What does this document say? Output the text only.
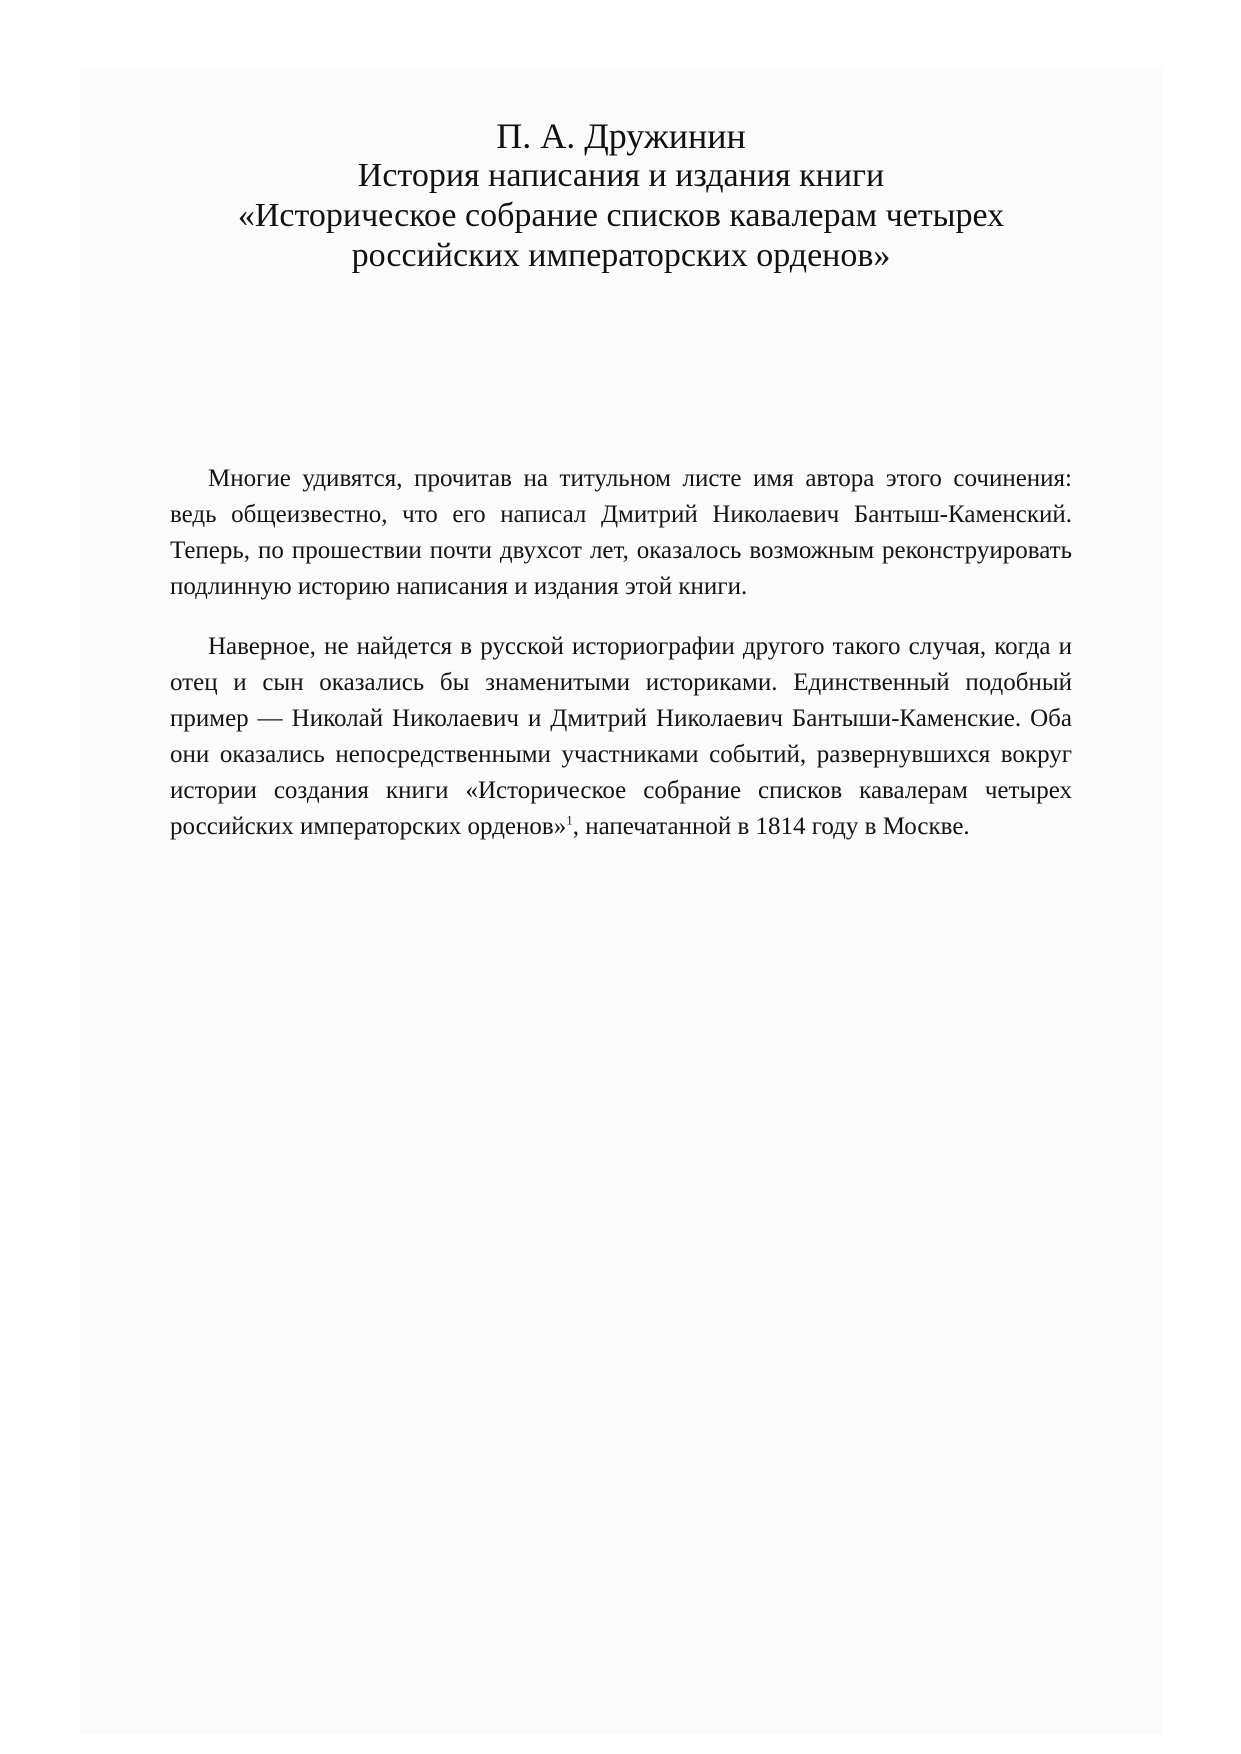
П. А. Дружинин
История написания и издания книги
«Историческое собрание списков кавалерам четырех
российских императорских орденов»

Многие удивятся, прочитав на титульном листе имя автора этого сочинения: ведь общеизвестно, что его написал Дмитрий Николаевич Бантыш-Каменский. Теперь, по прошествии почти двухсот лет, оказалось возможным реконструировать подлинную историю написания и издания этой книги.

Наверное, не найдется в русской историографии другого такого случая, когда и отец и сын оказались бы знаменитыми историками. Единственный подобный пример — Николай Николаевич и Дмитрий Николаевич Бантыши-Каменские. Оба они оказались непосредственными участниками событий, развернувшихся вокруг истории создания книги «Историческое собрание списков кавалерам четырех российских императорских орденов»$^1$, напечатанной в 1814 году в Москве.
